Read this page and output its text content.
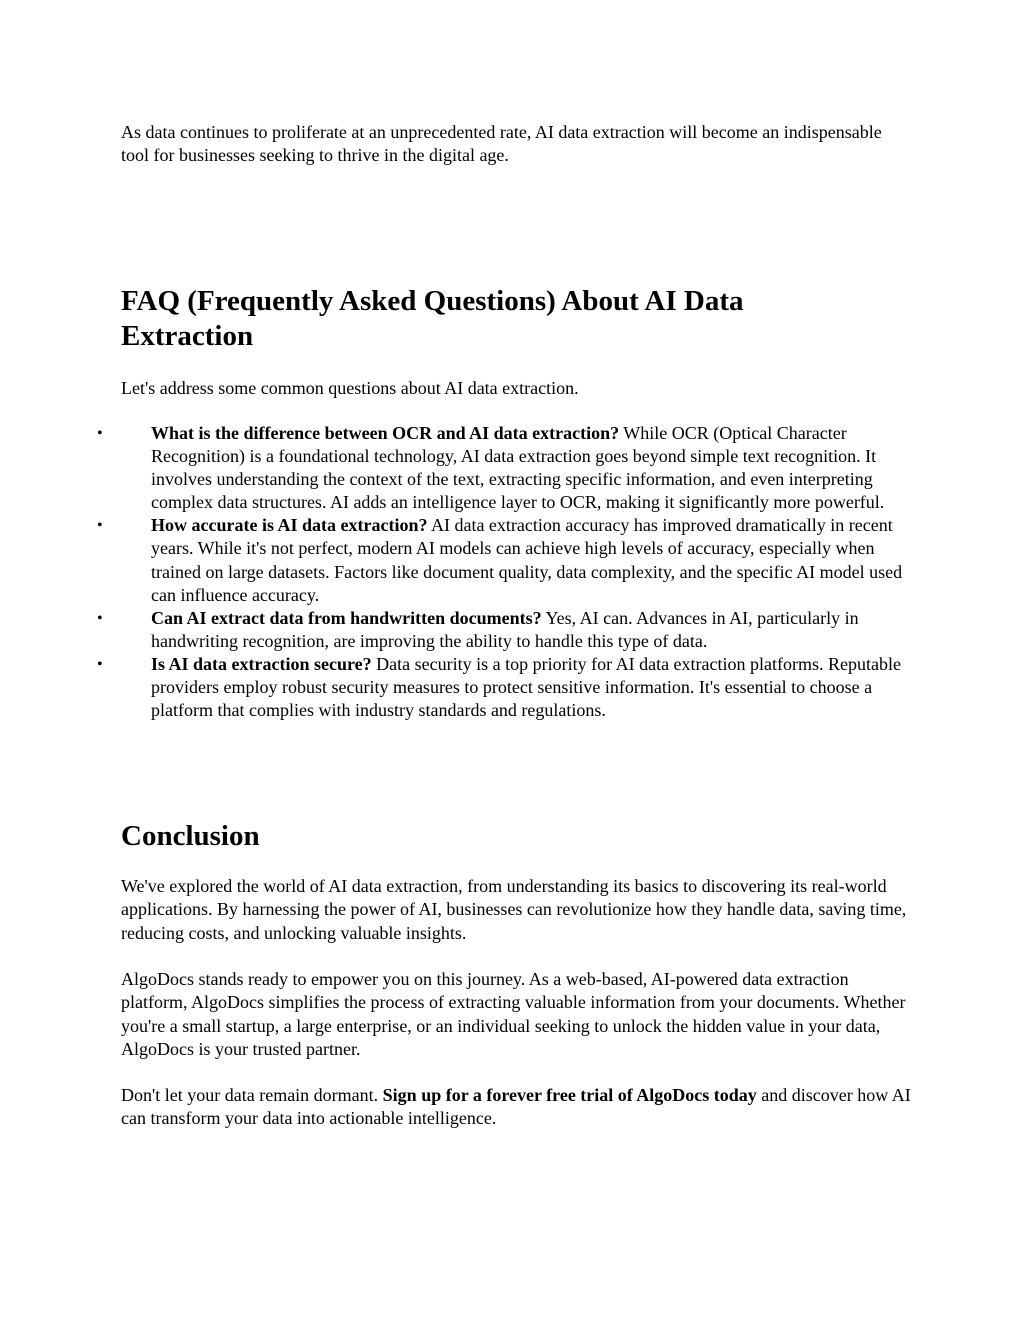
As data continues to proliferate at an unprecedented rate, AI data extraction will become an indispensable tool for businesses seeking to thrive in the digital age.

FAQ (Frequently Asked Questions) About AI Data Extraction

Let's address some common questions about AI data extraction.

•	What is the difference between OCR and AI data extraction? While OCR (Optical Character Recognition) is a foundational technology, AI data extraction goes beyond simple text recognition. It involves understanding the context of the text, extracting specific information, and even interpreting complex data structures. AI adds an intelligence layer to OCR, making it significantly more powerful.
•	How accurate is AI data extraction? AI data extraction accuracy has improved dramatically in recent years. While it's not perfect, modern AI models can achieve high levels of accuracy, especially when trained on large datasets. Factors like document quality, data complexity, and the specific AI model used can influence accuracy.
•	Can AI extract data from handwritten documents? Yes, AI can. Advances in AI, particularly in handwriting recognition, are improving the ability to handle this type of data.
•	Is AI data extraction secure? Data security is a top priority for AI data extraction platforms. Reputable providers employ robust security measures to protect sensitive information. It's essential to choose a platform that complies with industry standards and regulations.
Conclusion

We've explored the world of AI data extraction, from understanding its basics to discovering its real-world applications. By harnessing the power of AI, businesses can revolutionize how they handle data, saving time, reducing costs, and unlocking valuable insights.

AlgoDocs stands ready to empower you on this journey. As a web-based, AI-powered data extraction platform, AlgoDocs simplifies the process of extracting valuable information from your documents. Whether you're a small startup, a large enterprise, or an individual seeking to unlock the hidden value in your data, AlgoDocs is your trusted partner.

Don't let your data remain dormant. Sign up for a forever free trial of AlgoDocs today and discover how AI can transform your data into actionable intelligence.
